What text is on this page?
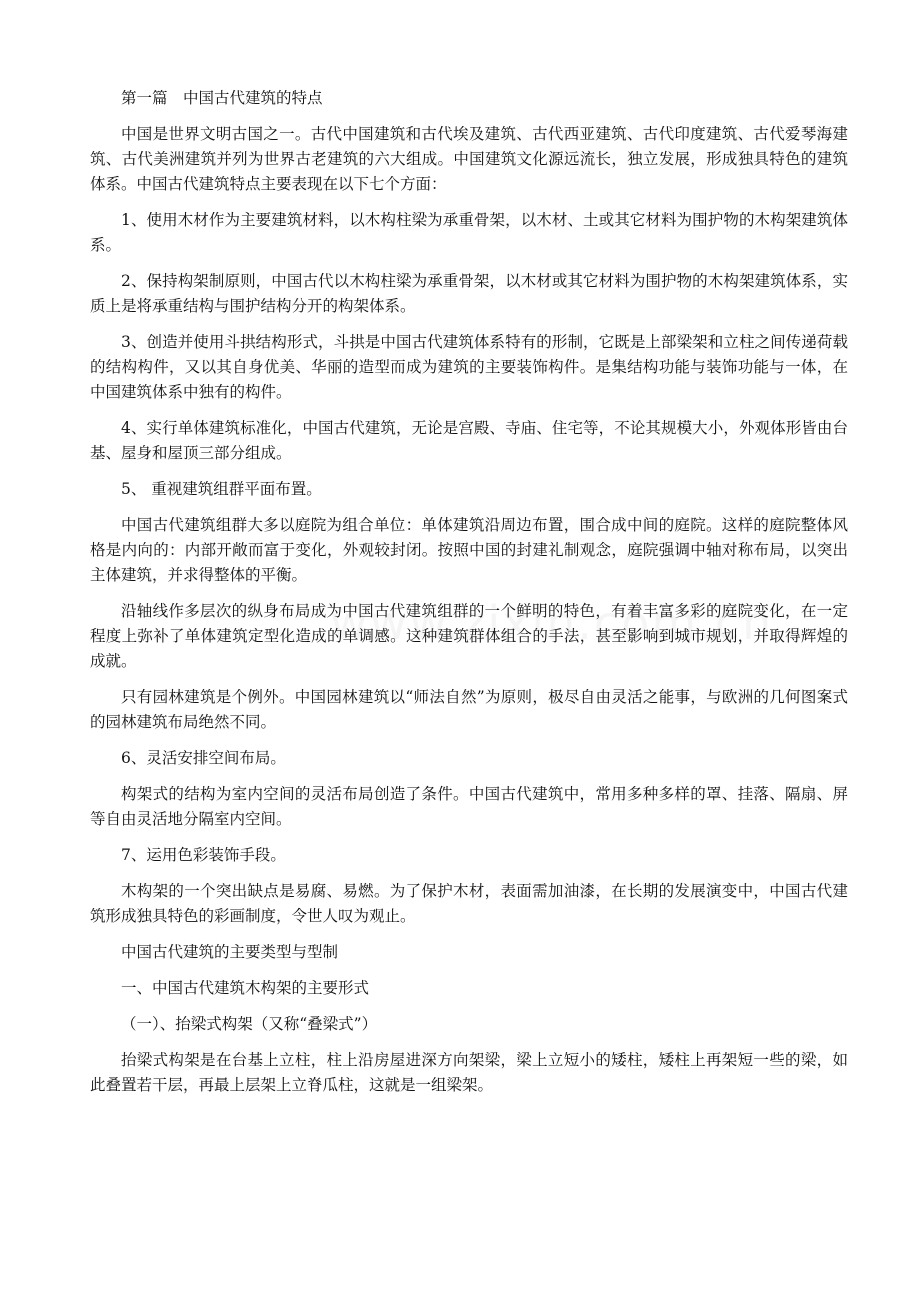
第一篇　中国古代建筑的特点

中国是世界文明古国之一。古代中国建筑和古代埃及建筑、古代西亚建筑、古代印度建筑、古代爱琴海建筑、古代美洲建筑并列为世界古老建筑的六大组成。中国建筑文化源远流长，独立发展，形成独具特色的建筑体系。中国古代建筑特点主要表现在以下七个方面：

1、使用木材作为主要建筑材料，以木构柱梁为承重骨架，以木材、土或其它材料为围护物的木构架建筑体系。

2、保持构架制原则，中国古代以木构柱梁为承重骨架，以木材或其它材料为围护物的木构架建筑体系，实质上是将承重结构与围护结构分开的构架体系。

3、创造并使用斗拱结构形式，斗拱是中国古代建筑体系特有的形制，它既是上部梁架和立柱之间传递荷载的结构构件，又以其自身优美、华丽的造型而成为建筑的主要装饰构件。是集结构功能与装饰功能与一体，在中国建筑体系中独有的构件。

4、实行单体建筑标准化，中国古代建筑，无论是宫殿、寺庙、住宅等，不论其规模大小，外观体形皆由台基、屋身和屋顶三部分组成。

5、 重视建筑组群平面布置。

中国古代建筑组群大多以庭院为组合单位：单体建筑沿周边布置，围合成中间的庭院。这样的庭院整体风格是内向的：内部开敞而富于变化，外观较封闭。按照中国的封建礼制观念，庭院强调中轴对称布局，以突出主体建筑，并求得整体的平衡。

沿轴线作多层次的纵身布局成为中国古代建筑组群的一个鲜明的特色，有着丰富多彩的庭院变化，在一定程度上弥补了单体建筑定型化造成的单调感。这种建筑群体组合的手法，甚至影响到城市规划，并取得辉煌的成就。

只有园林建筑是个例外。中国园林建筑以“师法自然”为原则，极尽自由灵活之能事，与欧洲的几何图案式的园林建筑布局绝然不同。

6、灵活安排空间布局。

构架式的结构为室内空间的灵活布局创造了条件。中国古代建筑中，常用多种多样的罩、挂落、隔扇、屏等自由灵活地分隔室内空间。

7、运用色彩装饰手段。

木构架的一个突出缺点是易腐、易燃。为了保护木材，表面需加油漆，在长期的发展演变中，中国古代建筑形成独具特色的彩画制度，令世人叹为观止。

中国古代建筑的主要类型与型制

一、中国古代建筑木构架的主要形式

（一）、抬梁式构架（又称“叠梁式”）

抬梁式构架是在台基上立柱，柱上沿房屋进深方向架梁，梁上立短小的矮柱，矮柱上再架短一些的梁，如此叠置若干层，再最上层架上立脊瓜柱，这就是一组梁架。
